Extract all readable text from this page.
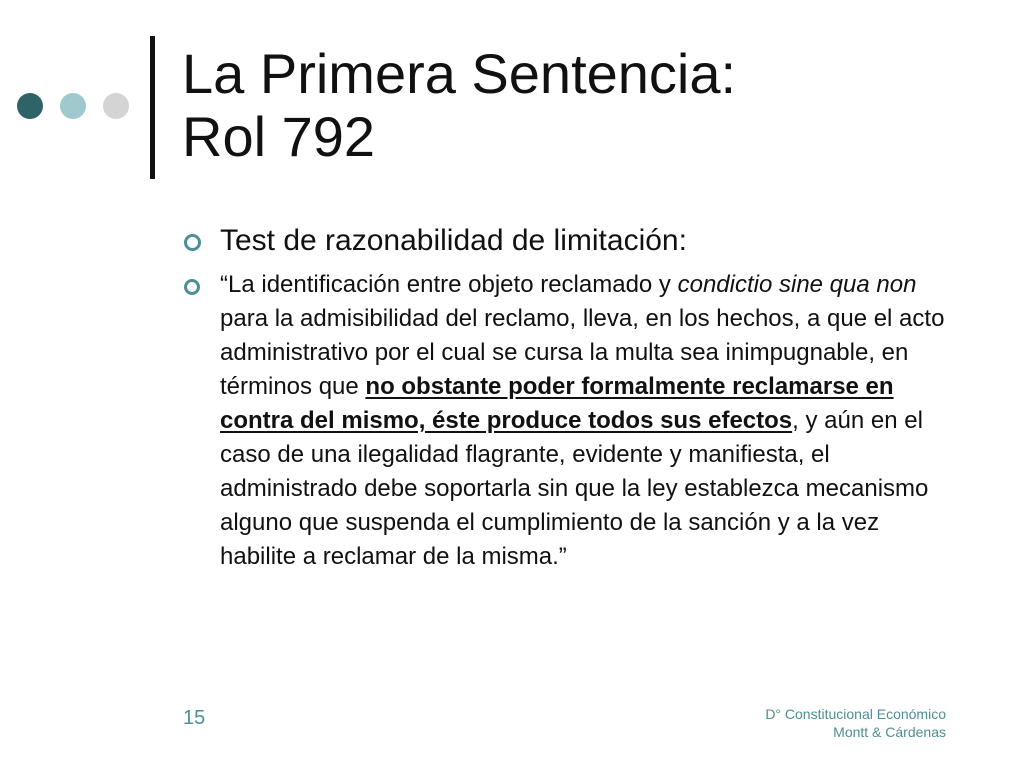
La Primera Sentencia:
Rol 792
Test de razonabilidad de limitación:
“La identificación entre objeto reclamado y condictio sine qua non para la admisibilidad del reclamo, lleva, en los hechos, a que el acto administrativo por el cual se cursa la multa sea inimpugnable, en términos que no obstante poder formalmente reclamarse en contra del mismo, éste produce todos sus efectos, y aún en el caso de una ilegalidad flagrante, evidente y manifiesta, el administrado debe soportarla sin que la ley establezca mecanismo alguno que suspenda el cumplimiento de la sanción y a la vez habilite a reclamar de la misma.”
15	D° Constitucional Económico
Montt & Cárdenas
